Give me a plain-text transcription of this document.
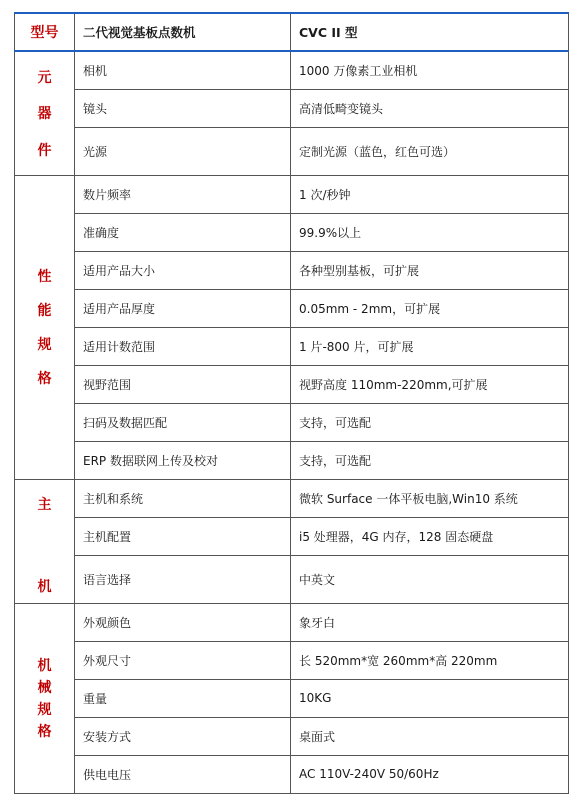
型号	二代视觉基板点数机	CVC II 型

元
器
件	相机	1000 万像素工业相机
	镜头	高清低畸变镜头
	光源	定制光源（蓝色，红色可选）

性
能
规
格	数片频率	1 次/秒钟
	准确度	99.9%以上
	适用产品大小	各种型别基板，可扩展
	适用产品厚度	0.05mm - 2mm，可扩展
	适用计数范围	1 片-800 片，可扩展
	视野范围	视野高度 110mm-220mm,可扩展
	扫码及数据匹配	支持，可选配
	ERP 数据联网上传及校对	支持，可选配

主
机	主机和系统	微软 Surface 一体平板电脑,Win10 系统
	主机配置	i5 处理器，4G 内存，128 固态硬盘
	语言选择	中英文

机
械
规
格	外观颜色	象牙白
	外观尺寸	长 520mm*宽 260mm*高 220mm
	重量	10KG
	安装方式	桌面式
	供电电压	AC 110V-240V 50/60Hz
